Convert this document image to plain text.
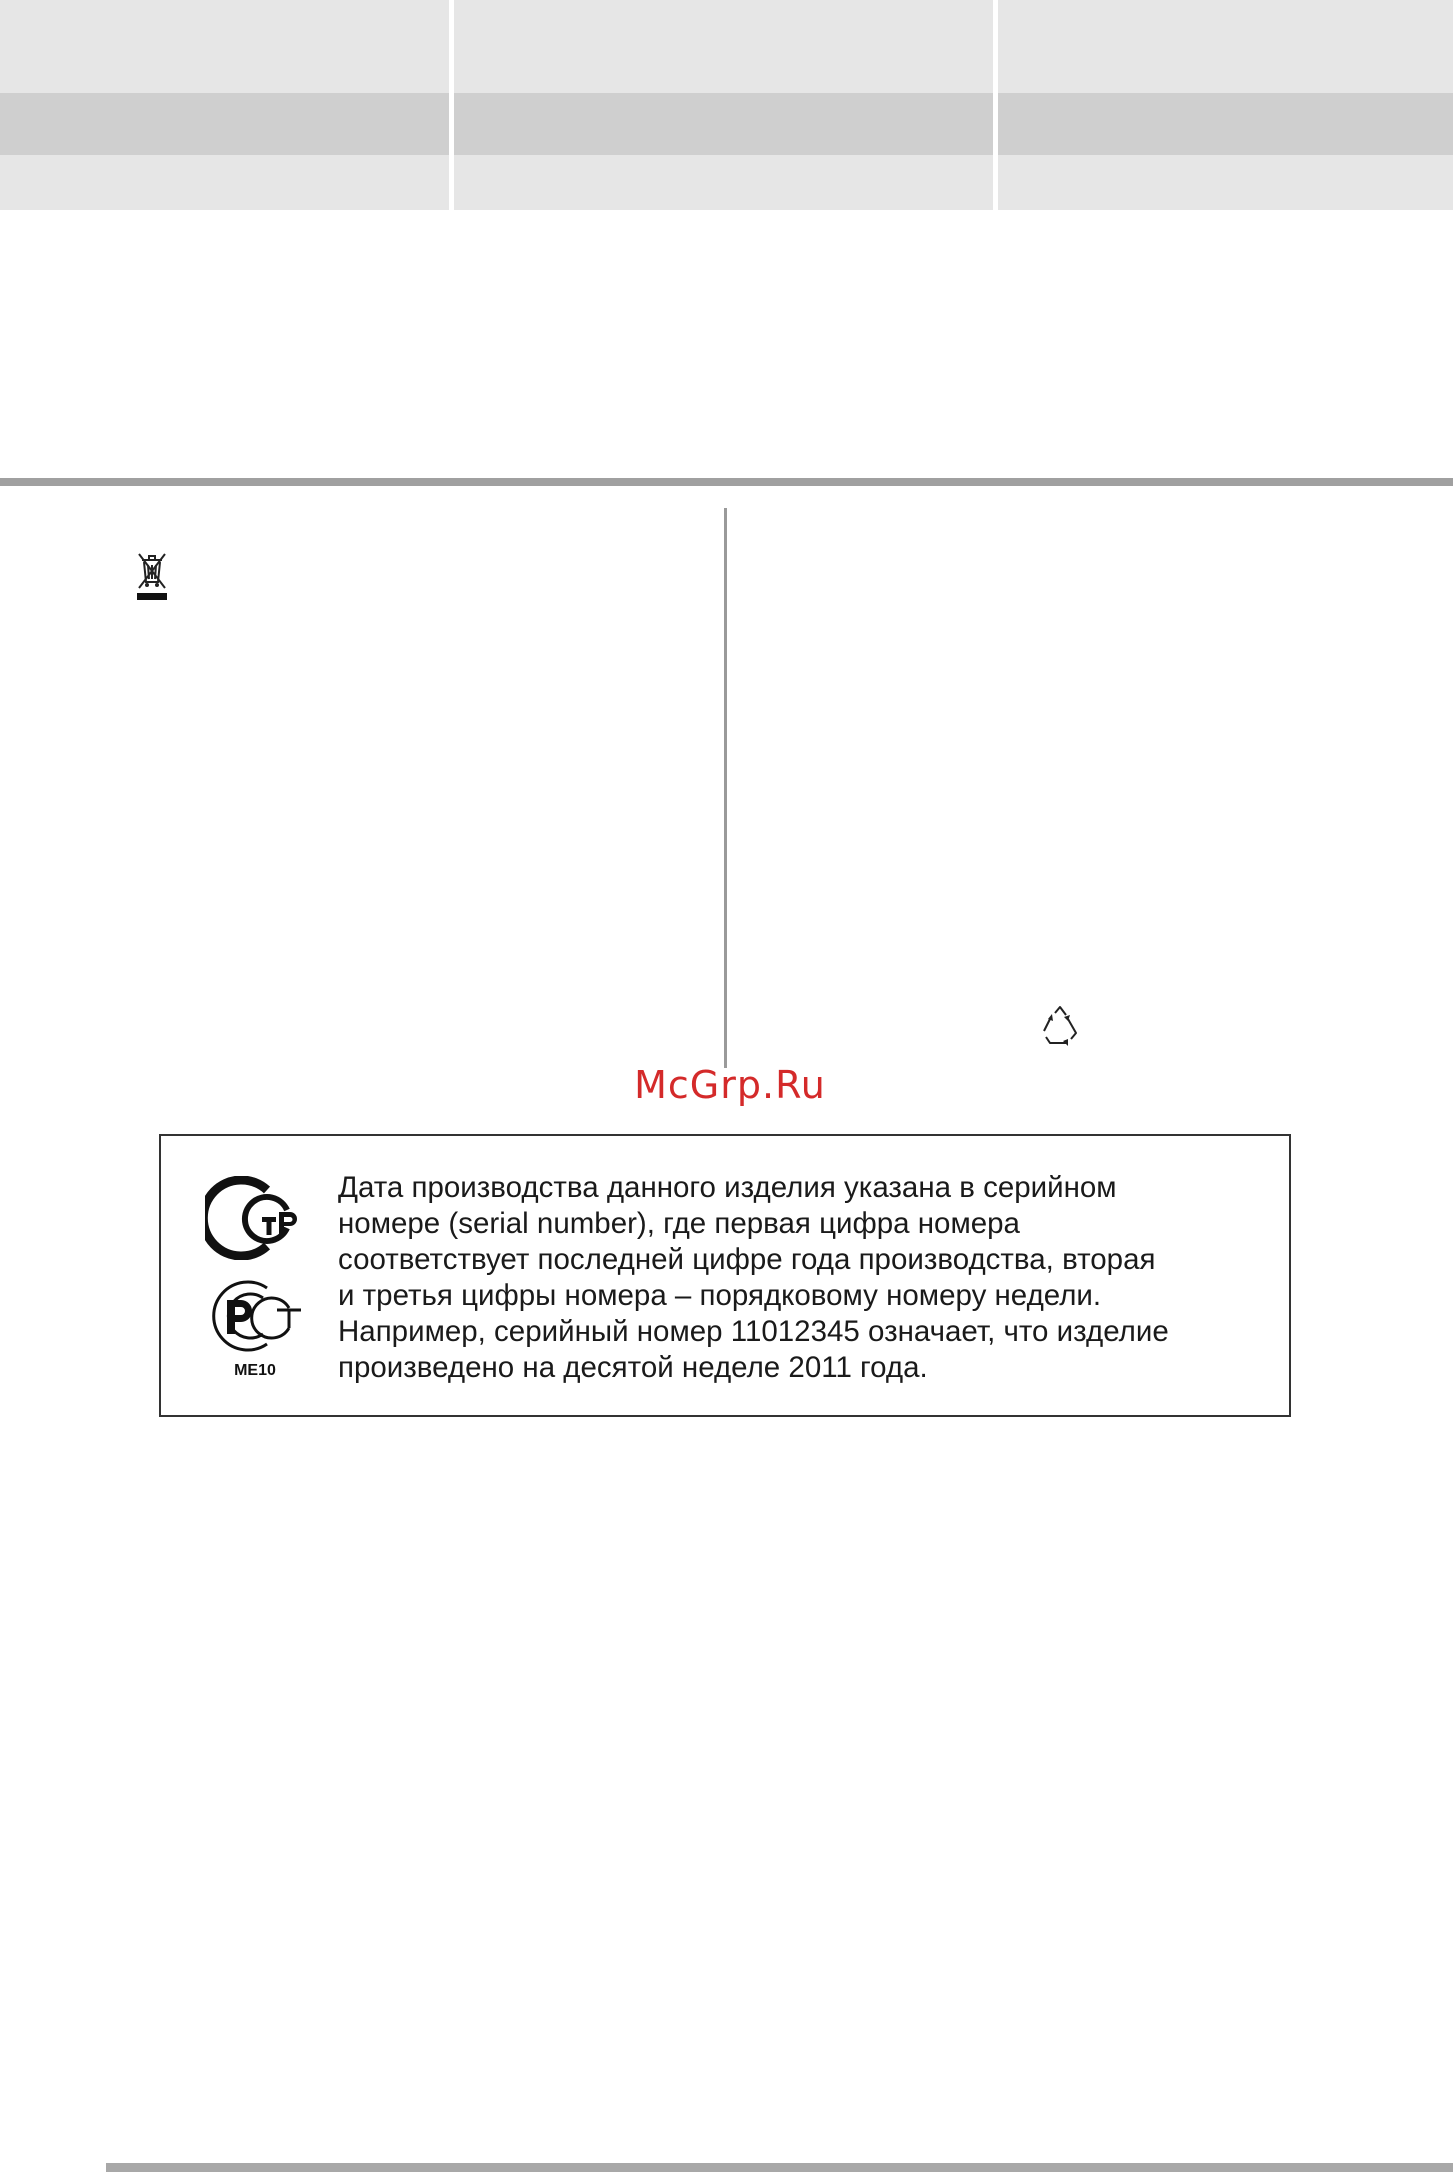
McGrp.Ru
ME10

Дата производства данного изделия указана в серийном
номере (serial number), где первая цифра номера
соответствует последней цифре года производства, вторая
и третья цифры номера – порядковому номеру недели.
Например, серийный номер 11012345 означает, что изделие
произведено на десятой неделе 2011 года.
